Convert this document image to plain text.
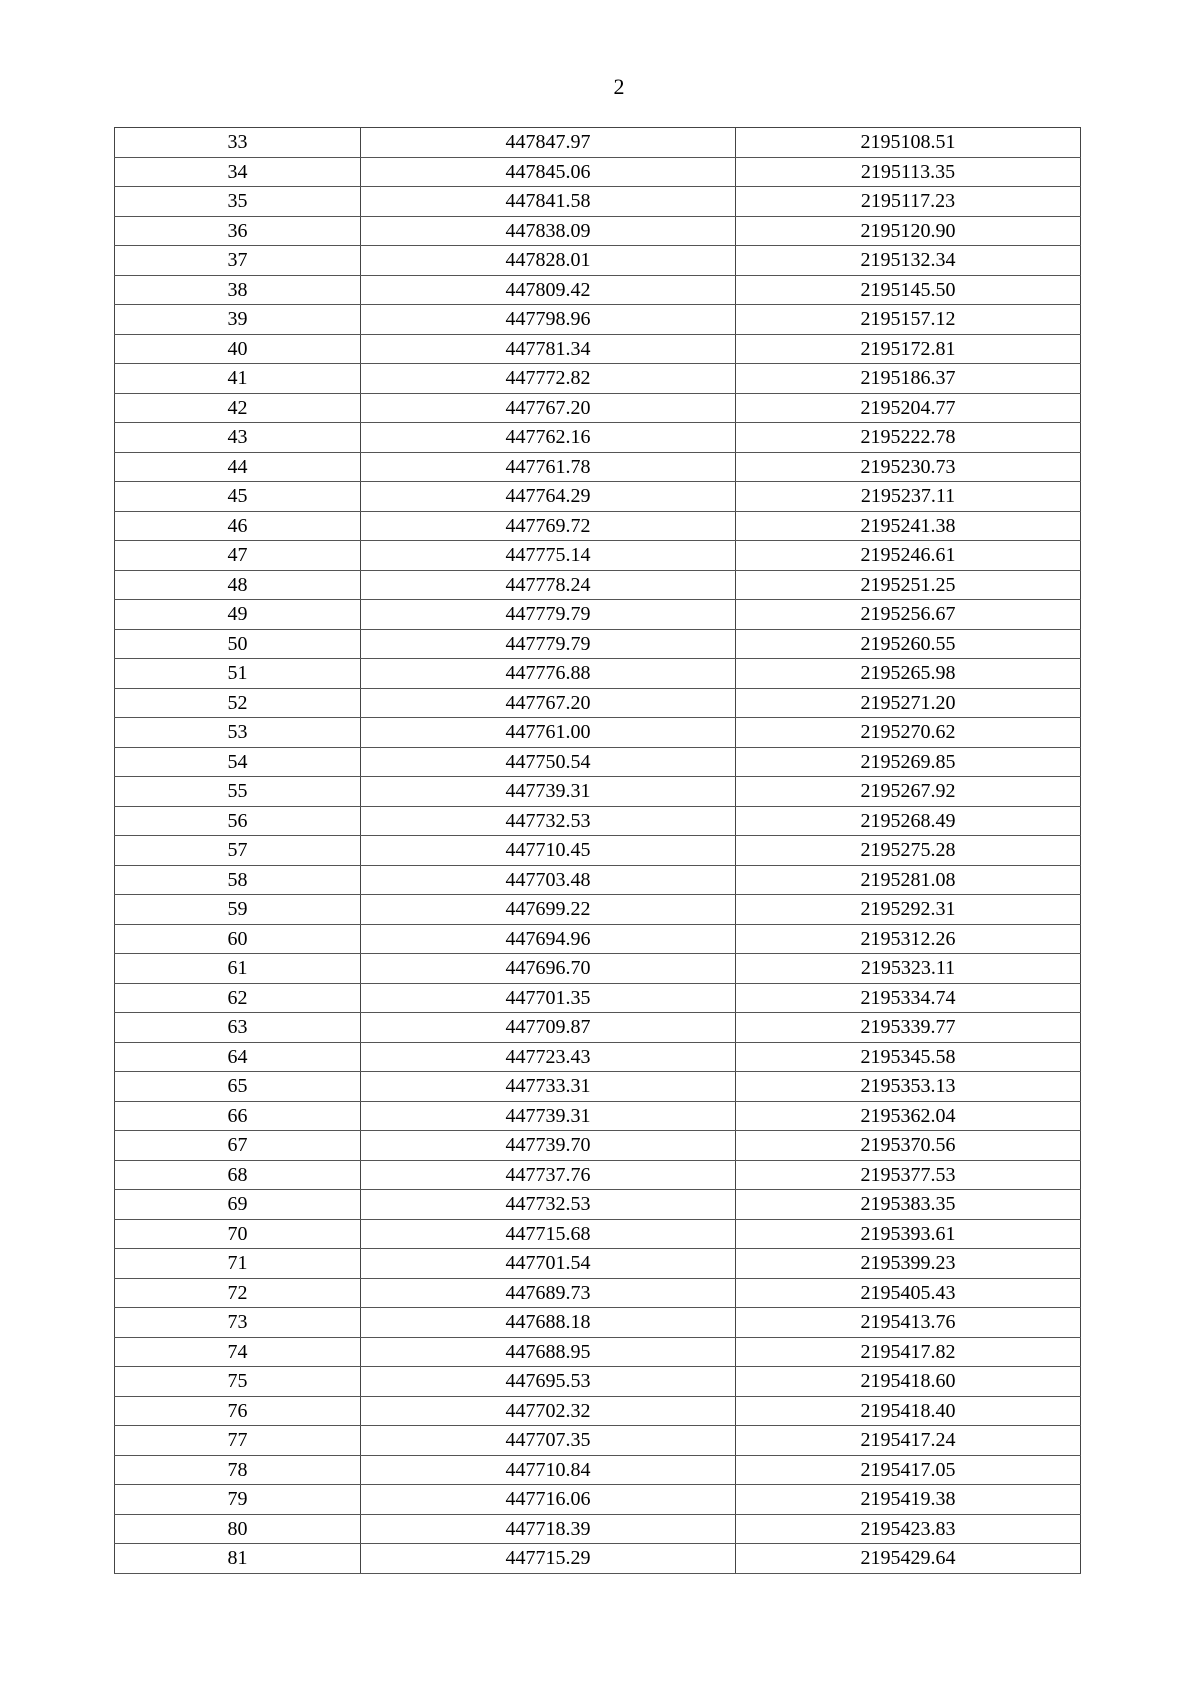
2
33	447847.97	2195108.51
34	447845.06	2195113.35
35	447841.58	2195117.23
36	447838.09	2195120.90
37	447828.01	2195132.34
38	447809.42	2195145.50
39	447798.96	2195157.12
40	447781.34	2195172.81
41	447772.82	2195186.37
42	447767.20	2195204.77
43	447762.16	2195222.78
44	447761.78	2195230.73
45	447764.29	2195237.11
46	447769.72	2195241.38
47	447775.14	2195246.61
48	447778.24	2195251.25
49	447779.79	2195256.67
50	447779.79	2195260.55
51	447776.88	2195265.98
52	447767.20	2195271.20
53	447761.00	2195270.62
54	447750.54	2195269.85
55	447739.31	2195267.92
56	447732.53	2195268.49
57	447710.45	2195275.28
58	447703.48	2195281.08
59	447699.22	2195292.31
60	447694.96	2195312.26
61	447696.70	2195323.11
62	447701.35	2195334.74
63	447709.87	2195339.77
64	447723.43	2195345.58
65	447733.31	2195353.13
66	447739.31	2195362.04
67	447739.70	2195370.56
68	447737.76	2195377.53
69	447732.53	2195383.35
70	447715.68	2195393.61
71	447701.54	2195399.23
72	447689.73	2195405.43
73	447688.18	2195413.76
74	447688.95	2195417.82
75	447695.53	2195418.60
76	447702.32	2195418.40
77	447707.35	2195417.24
78	447710.84	2195417.05
79	447716.06	2195419.38
80	447718.39	2195423.83
81	447715.29	2195429.64
